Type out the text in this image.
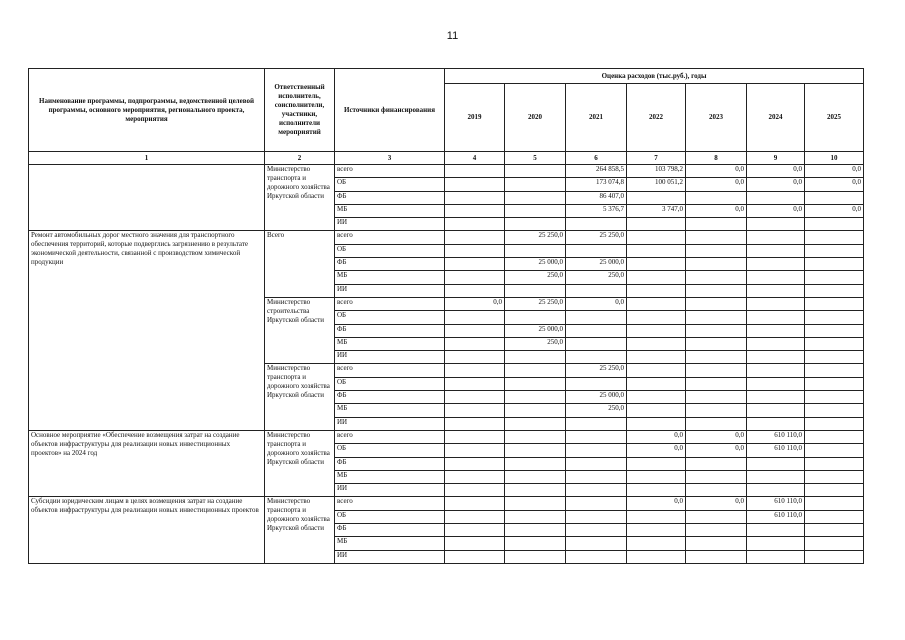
11
Наименование программы, подпрограммы, ведомственной целевой программы, основного мероприятия, регионального проекта, мероприятия	Ответственный исполнитель, соисполнители, участники, исполнители мероприятий	Источники финансирования	Оценка расходов (тыс.руб.), годы						
			2019	2020	2021	2022	2023	2024	2025
1	2	3	4	5	6	7	8	9	10
	Министерство транспорта и дорожного хозяйства Иркутской области	всего			264 858,5	103 798,2	0,0	0,0	0,0
		ОБ			173 074,8	100 051,2	0,0	0,0	0,0
		ФБ			86 407,0				
		МБ			5 376,7	3 747,0	0,0	0,0	0,0
		ИИ							
Ремонт автомобильных дорог местного значения для транспортного обеспечения территорий, которые подверглись загрязнению в результате экономической деятельности, связанной с производством химической продукции	Всего	всего		25 250,0	25 250,0				
		ОБ							
		ФБ		25 000,0	25 000,0				
		МБ		250,0	250,0				
		ИИ							
	Министерство строительства Иркутской области	всего	0,0	25 250,0	0,0				
		ОБ							
		ФБ		25 000,0					
		МБ		250,0					
		ИИ							
	Министерство транспорта и дорожного хозяйства Иркутской области	всего			25 250,0				
		ОБ							
		ФБ			25 000,0				
		МБ			250,0				
		ИИ							
Основное мероприятие «Обеспечение возмещения затрат на создание объектов инфраструктуры для реализации новых инвестиционных проектов» на 2024 год	Министерство транспорта и дорожного хозяйства Иркутской области	всего				0,0	0,0	610 110,0	
		ОБ				0,0	0,0	610 110,0	
		ФБ							
		МБ							
		ИИ							
Субсидии юридическим лицам в целях возмещения затрат на создание объектов инфраструктуры для реализации новых инвестиционных проектов	Министерство транспорта и дорожного хозяйства Иркутской области	всего				0,0	0,0	610 110,0	
		ОБ						610 110,0	
		ФБ							
		МБ							
		ИИ							
